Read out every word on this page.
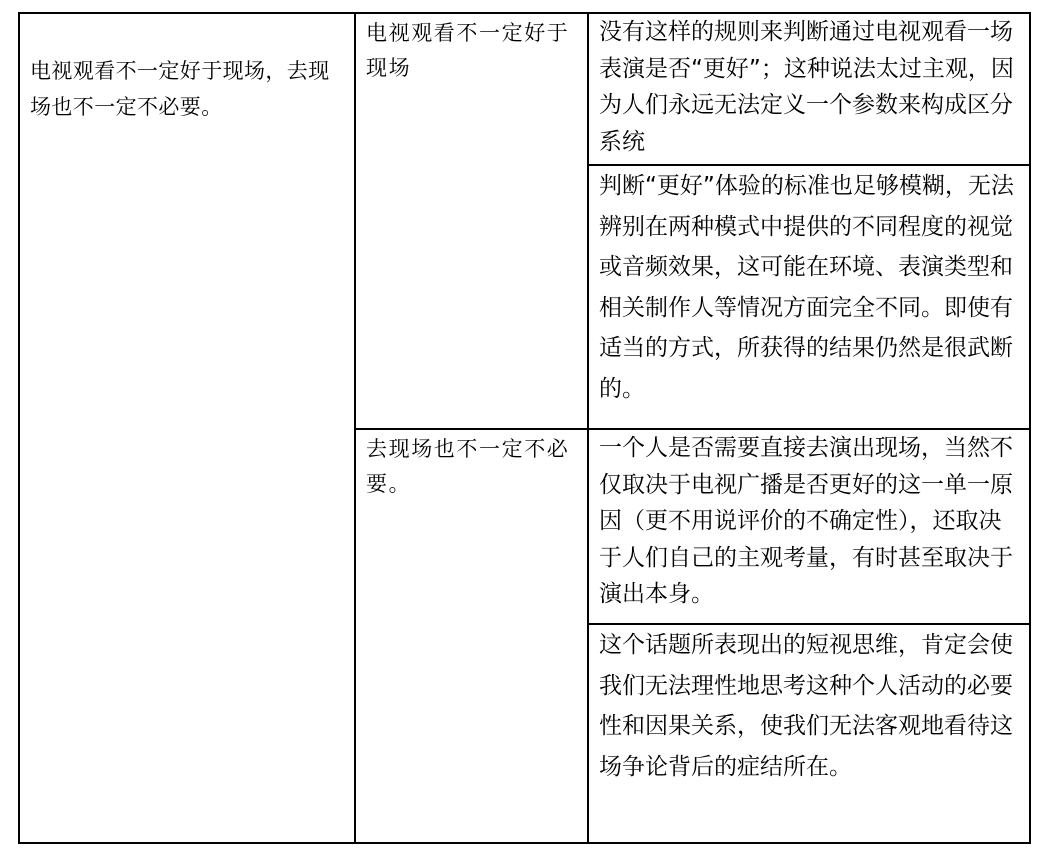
电视观看不一定好于现场，去现场也不一定不必要。	电视观看不一定好于现场	没有这样的规则来判断通过电视观看一场表演是否“更好”；这种说法太过主观，因为人们永远无法定义一个参数来构成区分系统

		判断“更好”体验的标准也足够模糊，无法辨别在两种模式中提供的不同程度的视觉或音频效果，这可能在环境、表演类型和相关制作人等情况方面完全不同。即使有适当的方式，所获得的结果仍然是很武断的。

	去现场也不一定不必要。	一个人是否需要直接去演出现场，当然不仅取决于电视广播是否更好的这一单一原因（更不用说评价的不确定性），还取决于人们自己的主观考量，有时甚至取决于演出本身。

		这个话题所表现出的短视思维，肯定会使我们无法理性地思考这种个人活动的必要性和因果关系，使我们无法客观地看待这场争论背后的症结所在。
